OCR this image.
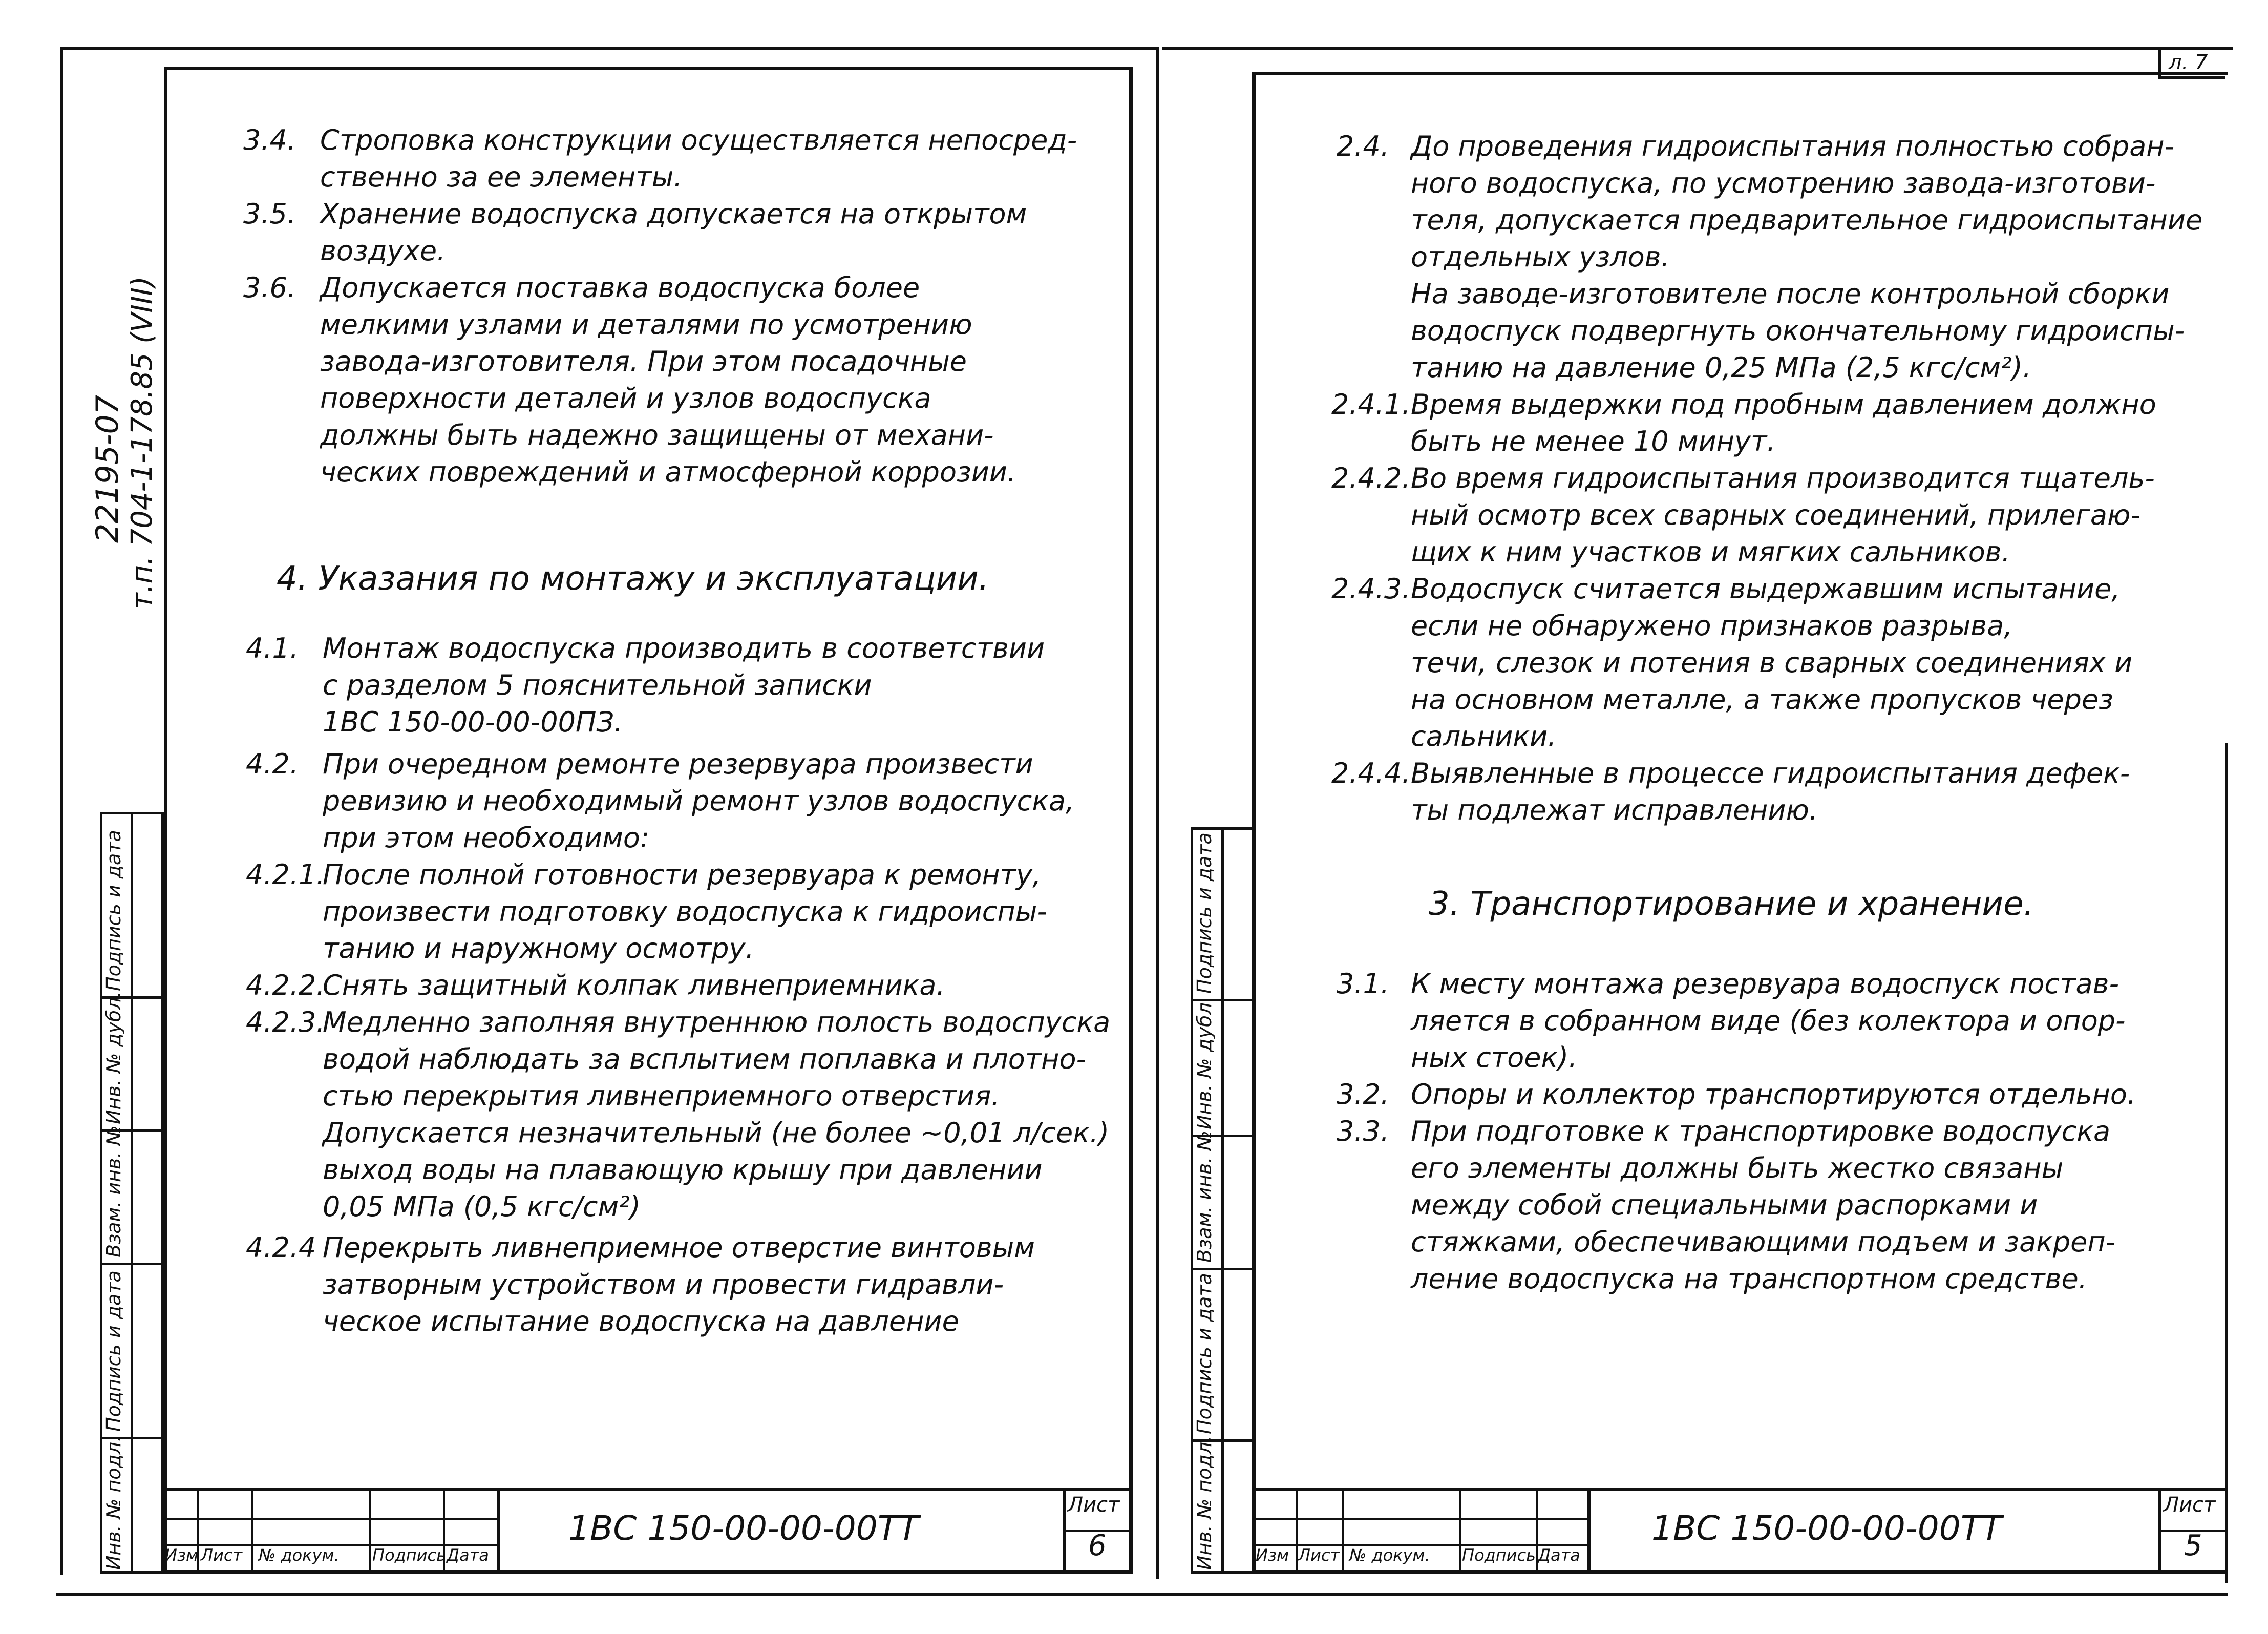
л. 7
22195-07 т.п. 704-1-178.85 (VIII)
Подпись и дата
Инв. № дубл.
Взам. инв. №
Подпись и дата
Инв. № подл.
3.4. Строповка конструкции осуществляется непосред-
ственно за ее элементы.
3.5. Хранение водоспуска допускается на открытом
воздухе.
3.6. Допускается поставка водоспуска более
мелкими узлами и деталями по усмотрению
завода-изготовителя. При этом посадочные
поверхности деталей и узлов водоспуска
должны быть надежно защищены от механи-
ческих повреждений и атмосферной коррозии.
4. Указания по монтажу и эксплуатации.
4.1. Монтаж водоспуска производить в соответствии
с разделом 5 пояснительной записки
1ВС 150-00-00-00ПЗ.
4.2. При очередном ремонте резервуара произвести
ревизию и необходимый ремонт узлов водоспуска,
при этом необходимо:
4.2.1.
После полной готовности резервуара к ремонту,
произвести подготовку водоспуска к гидроиспы-
танию и наружному осмотру.
4.2.2.
Снять защитный колпак ливнеприемника.
4.2.3.
Медленно заполняя внутреннюю полость водоспуска
водой наблюдать за всплытием поплавка и плотно-
стью перекрытия ливнеприемного отверстия.
Допускается незначительный (не более ~0,01 л/сек.)
выход воды на плавающую крышу при давлении
0,05 МПа (0,5 кгс/см²)
4.2.4 Перекрыть ливнеприемное отверстие винтовым
затворным устройством и провести гидравли-
ческое испытание водоспуска на давление
Изм Лист № докум. Подпись Дата
1ВС 150-00-00-00ТТ
Лист
6
Подпись и дата
Инв. № дубл.
Взам. инв. №
Подпись и дата
Инв. № подл.
2.4. До проведения гидроиспытания полностью собран-
ного водоспуска, по усмотрению завода-изготови-
теля, допускается предварительное гидроиспытание
отдельных узлов.
На заводе-изготовителе после контрольной сборки
водоспуск подвергнуть окончательному гидроиспы-
танию на давление 0,25 МПа (2,5 кгс/см²).
2.4.1. Время выдержки под пробным давлением должно
быть не менее 10 минут.
2.4.2. Во время гидроиспытания производится тщатель-
ный осмотр всех сварных соединений, прилегаю-
щих к ним участков и мягких сальников.
2.4.3. Водоспуск считается выдержавшим испытание,
если не обнаружено признаков разрыва,
течи, слезок и потения в сварных соединениях и
на основном металле, а также пропусков через
сальники.
2.4.4. Выявленные в процессе гидроиспытания дефек-
ты подлежат исправлению.
3. Транспортирование и хранение.
3.1. К месту монтажа резервуара водоспуск постав-
ляется в собранном виде (без колектора и опор-
ных стоек).
3.2. Опоры и коллектор транспортируются отдельно.
3.3. При подготовке к транспортировке водоспуска
его элементы должны быть жестко связаны
между собой специальными распорками и
стяжками, обеспечивающими подъем и закреп-
ление водоспуска на транспортном средстве.
Изм Лист № докум. Подпись Дата
1ВС 150-00-00-00ТТ
Лист
5
